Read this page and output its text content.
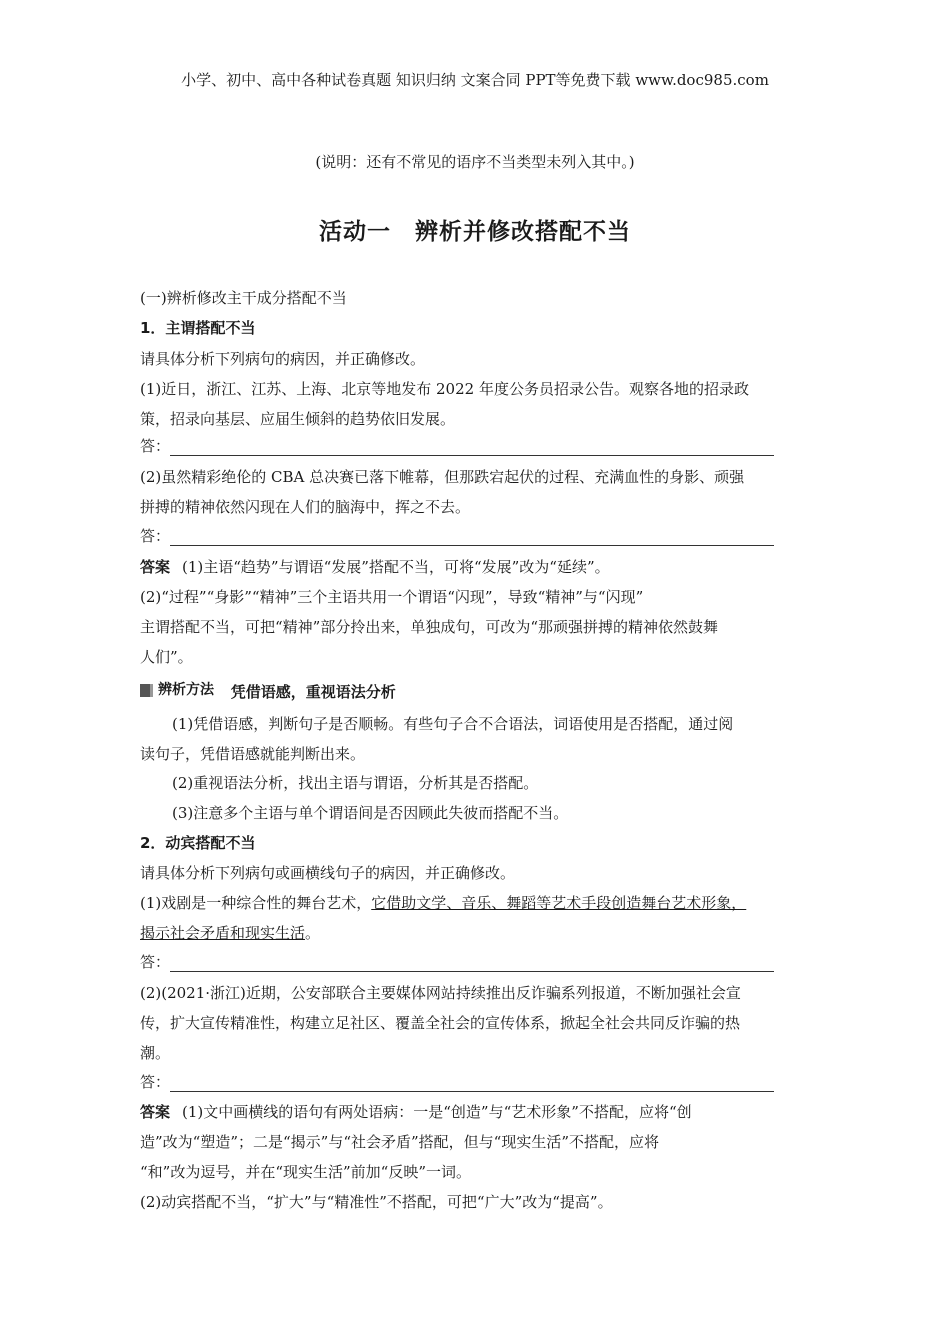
小学、初中、高中各种试卷真题 知识归纳 文案合同 PPT等免费下载 www.doc985.com
(说明：还有不常见的语序不当类型未列入其中。)
活动一　辨析并修改搭配不当
(一)辨析修改主干成分搭配不当
1．主谓搭配不当
请具体分析下列病句的病因，并正确修改。
(1)近日，浙江、江苏、上海、北京等地发布 2022 年度公务员招录公告。观察各地的招录政
策，招录向基层、应届生倾斜的趋势依旧发展。
答：
(2)虽然精彩绝伦的 CBA 总决赛已落下帷幕，但那跌宕起伏的过程、充满血性的身影、顽强
拼搏的精神依然闪现在人们的脑海中，挥之不去。
答：
答案 (1)主语“趋势”与谓语“发展”搭配不当，可将“发展”改为“延续”。
(2)“过程”“身影”“精神”三个主语共用一个谓语“闪现”，导致“精神”与“闪现”
主谓搭配不当，可把“精神”部分拎出来，单独成句，可改为“那顽强拼搏的精神依然鼓舞
人们”。
辨析方法 凭借语感，重视语法分析
(1)凭借语感，判断句子是否顺畅。有些句子合不合语法，词语使用是否搭配，通过阅
读句子，凭借语感就能判断出来。
(2)重视语法分析，找出主语与谓语，分析其是否搭配。
(3)注意多个主语与单个谓语间是否因顾此失彼而搭配不当。
2．动宾搭配不当
请具体分析下列病句或画横线句子的病因，并正确修改。
(1)戏剧是一种综合性的舞台艺术，它借助文学、音乐、舞蹈等艺术手段创造舞台艺术形象，
揭示社会矛盾和现实生活。
答：
(2)(2021·浙江)近期，公安部联合主要媒体网站持续推出反诈骗系列报道，不断加强社会宣
传，扩大宣传精准性，构建立足社区、覆盖全社会的宣传体系，掀起全社会共同反诈骗的热
潮。
答：
答案 (1)文中画横线的语句有两处语病：一是“创造”与“艺术形象”不搭配，应将“创
造”改为“塑造”；二是“揭示”与“社会矛盾”搭配，但与“现实生活”不搭配，应将
“和”改为逗号，并在“现实生活”前加“反映”一词。
(2)动宾搭配不当，“扩大”与“精准性”不搭配，可把“广大”改为“提高”。
